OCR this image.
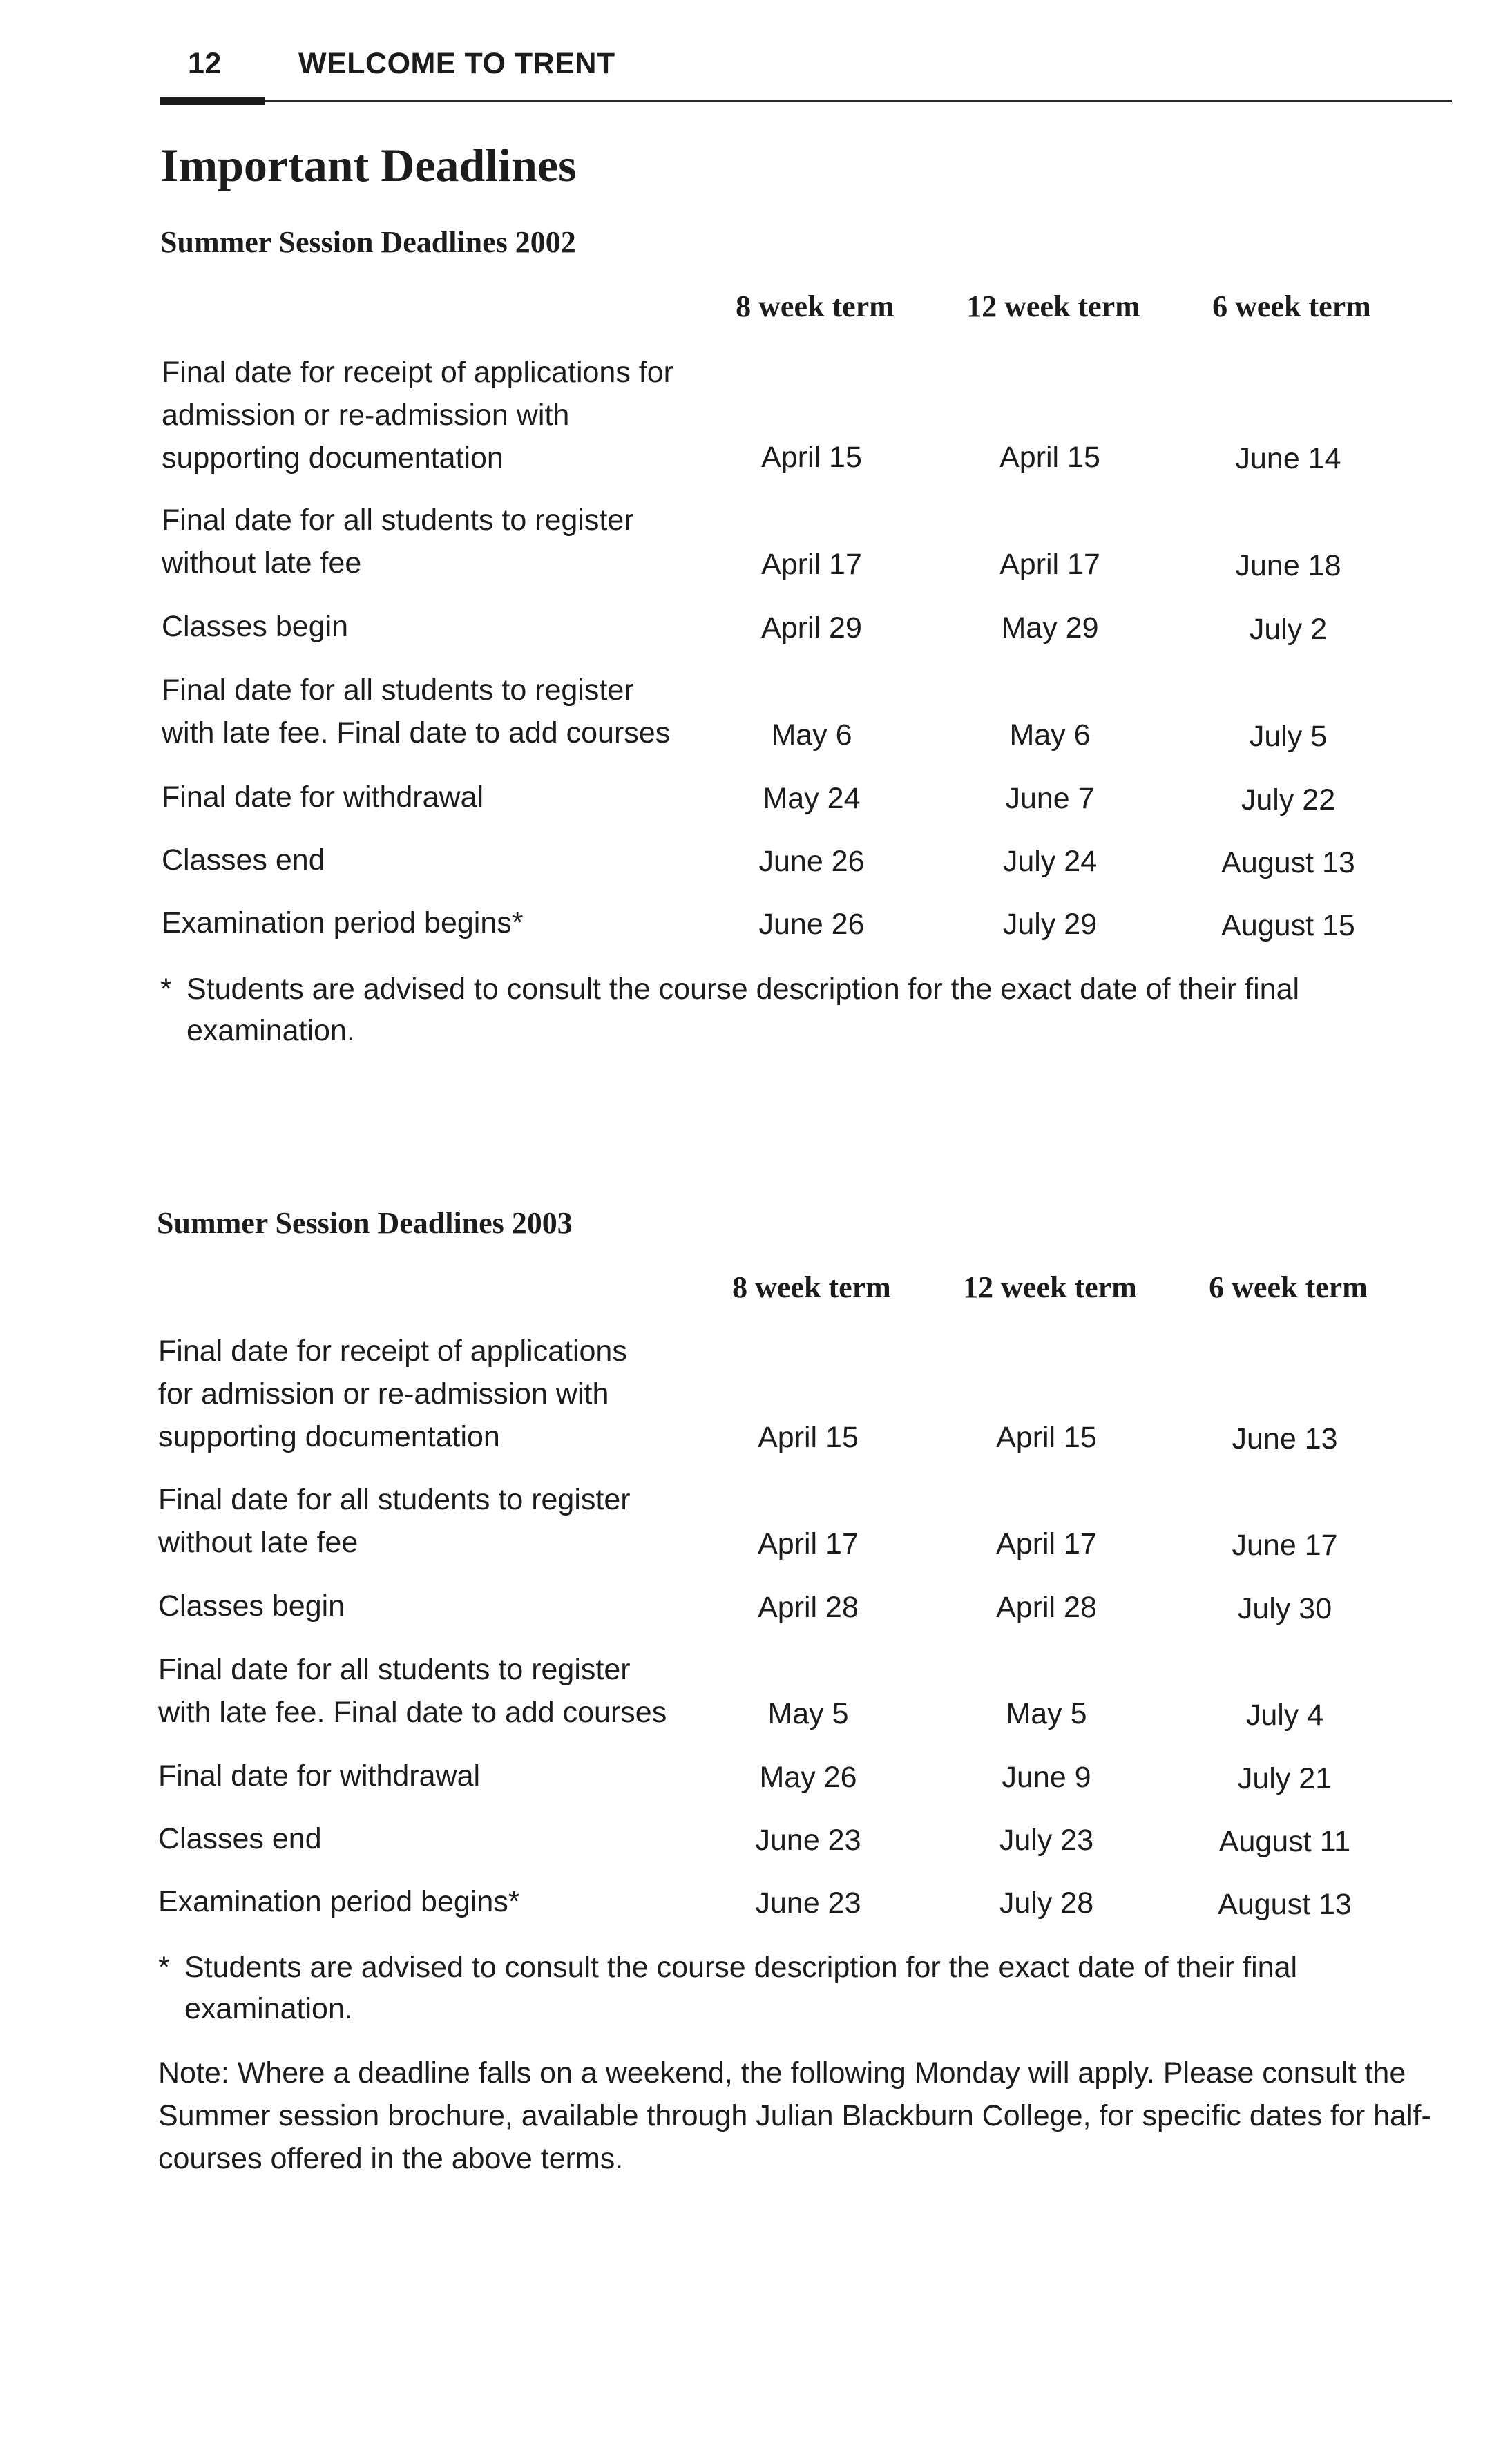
12	WELCOME TO TRENT
Important Deadlines
Summer Session Deadlines 2002
8 week term	12 week term	6 week term
Final date for receipt of applications for
admission or re-admission with
supporting documentation	April 15	April 15	June 14
Final date for all students to register
without late fee	April 17	April 17	June 18
Classes begin	April 29	May 29	July 2
Final date for all students to register
with late fee. Final date to add courses	May 6	May 6	July 5
Final date for withdrawal	May 24	June 7	July 22
Classes end	June 26	July 24	August 13
Examination period begins*	June 26	July 29	August 15
* Students are advised to consult the course description for the exact date of their final examination.
Summer Session Deadlines 2003
8 week term	12 week term	6 week term
Final date for receipt of applications
for admission or re-admission with
supporting documentation	April 15	April 15	June 13
Final date for all students to register
without late fee	April 17	April 17	June 17
Classes begin	April 28	April 28	July 30
Final date for all students to register
with late fee. Final date to add courses	May 5	May 5	July 4
Final date for withdrawal	May 26	June 9	July 21
Classes end	June 23	July 23	August 11
Examination period begins*	June 23	July 28	August 13
* Students are advised to consult the course description for the exact date of their final examination.
Note: Where a deadline falls on a weekend, the following Monday will apply. Please consult the Summer session brochure, available through Julian Blackburn College, for specific dates for half-courses offered in the above terms.
